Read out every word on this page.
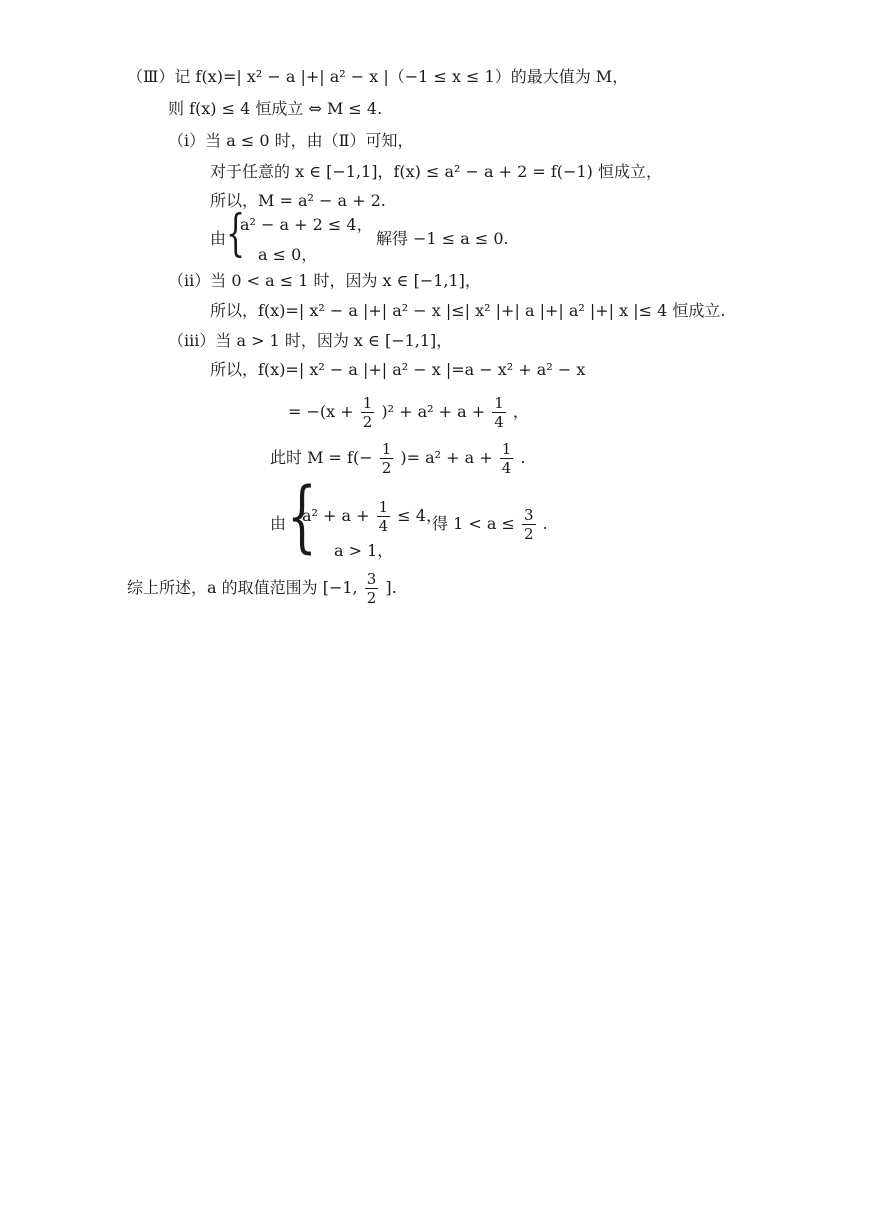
（Ⅲ）记 f(x)=| x² − a |+| a² − x |（−1 ≤ x ≤ 1）的最大值为 M，
则 f(x) ≤ 4 恒成立 ⇔ M ≤ 4.
（ⅰ）当 a ≤ 0 时，由（Ⅱ）可知，
对于任意的 x ∈ [−1,1]，f(x) ≤ a² − a + 2 = f(−1) 恒成立，
所以，M = a² − a + 2.
由 {
a² − a + 2 ≤ 4，
a ≤ 0，
解得 −1 ≤ a ≤ 0.
（ⅱ）当 0 < a ≤ 1 时，因为 x ∈ [−1,1]，
所以，f(x)=| x² − a |+| a² − x |≤| x² |+| a |+| a² |+| x |≤ 4 恒成立.
（ⅲ）当 a > 1 时，因为 x ∈ [−1,1]，
所以，f(x)=| x² − a |+| a² − x |=a − x² + a² − x
= $-(x + \frac{1}{2} )^2 + a^2 + a + \frac{1}{4}$ ，
此时 $M = f(- \frac{1}{2}$ )= $a^2 + a + \frac{1}{4}$ .
由 {
$a^2 + a + \frac{1}{4} \le 4$，
a > 1，
得 $1 < a \le \frac{3}{2}$ .
综上所述，a 的取值范围为 [−1, $\frac{3}{2}$ ].
